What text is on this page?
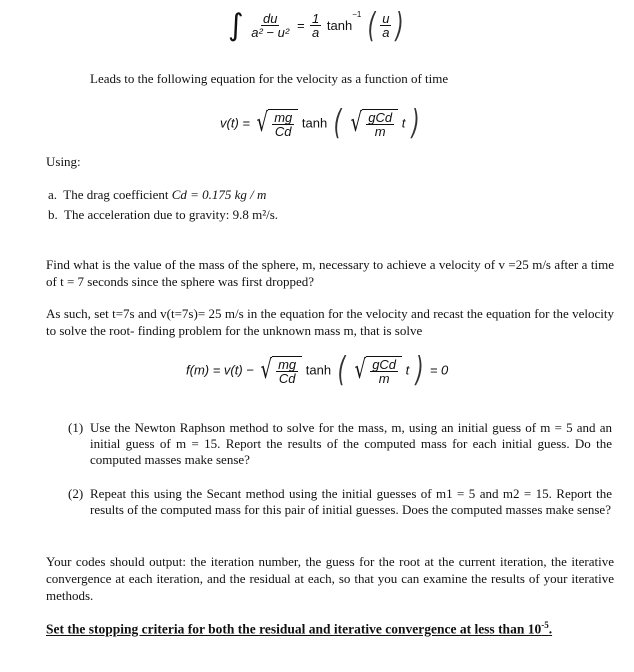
∫ $\frac{du}{\text{a² − u²}} = \frac{1}{a} \tanh^{-1}$ ( $\frac{u}{a}$ )
Leads to the following equation for the velocity as a function of time
v(t) = √ $\frac{mg}{Cd}$ tanh ( √ $\frac{\text{gCd}}{m}$ t )
Using:
a. The drag coefficient Cd = 0.175 kg / m
b. The acceleration due to gravity: 9.8 m²/s.
Find what is the value of the mass of the sphere, m, necessary to achieve a velocity of v =25 m/s after a time of t = 7 seconds since the sphere was first dropped?
As such, set t=7s and v(t=7s)= 25 m/s in the equation for the velocity and recast the equation for the velocity to solve the root- finding problem for the unknown mass m, that is solve
f(m) = v(t) − √ $\frac{mg}{Cd}$ tanh ( √ $\frac{\text{gCd}}{m}$ t ) = 0
(1) Use the Newton Raphson method to solve for the mass, m, using an initial guess of m = 5 and an initial guess of m = 15. Report the results of the computed mass for each initial guess. Do the computed masses make sense?
(2) Repeat this using the Secant method using the initial guesses of m1 = 5 and m2 = 15. Report the results of the computed mass for this pair of initial guesses. Does the computed masses make sense?
Your codes should output: the iteration number, the guess for the root at the current iteration, the iterative convergence at each iteration, and the residual at each, so that you can examine the results of your iterative methods.
Set the stopping criteria for both the residual and iterative convergence at less than $10^{-5}$.
